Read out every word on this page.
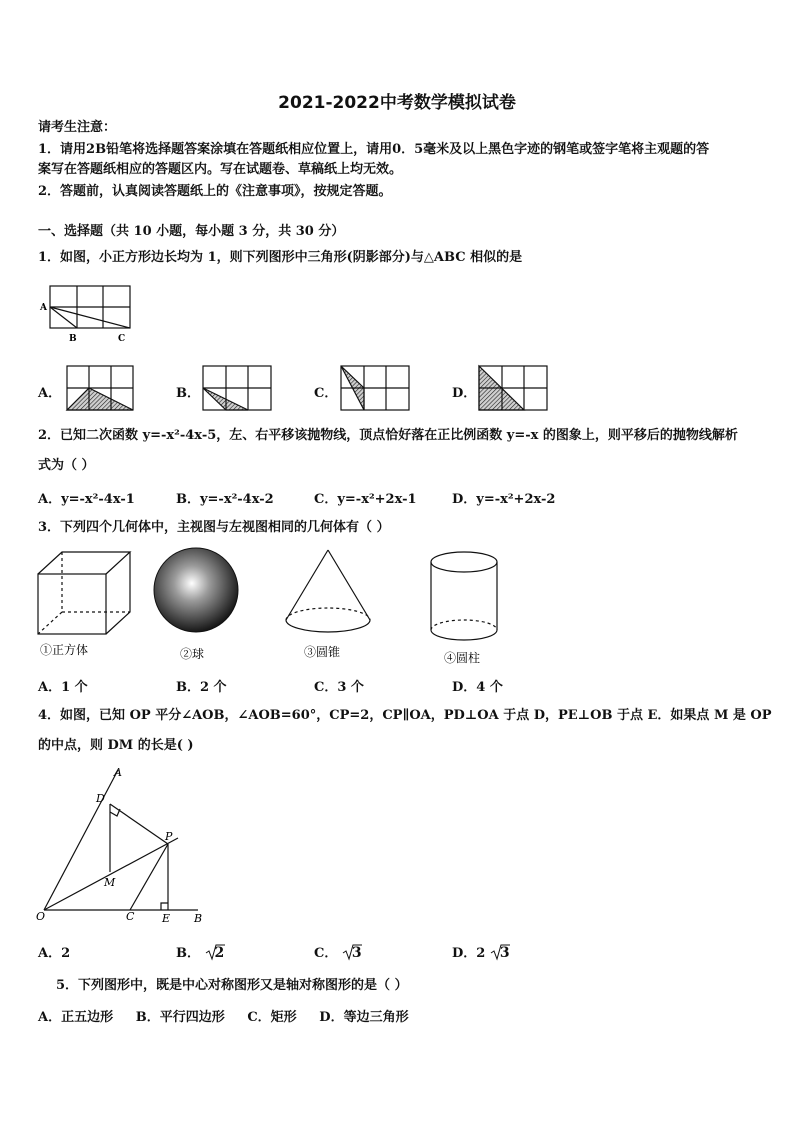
2021-2022中考数学模拟试卷
请考生注意：
1．请用2B铅笔将选择题答案涂填在答题纸相应位置上，请用0．5毫米及以上黑色字迹的钢笔或签字笔将主观题的答
案写在答题纸相应的答题区内。写在试题卷、草稿纸上均无效。
2．答题前，认真阅读答题纸上的《注意事项》，按规定答题。
一、选择题（共 10 小题，每小题 3 分，共 30 分）
1．如图，小正方形边长均为 1，则下列图形中三角形(阴影部分)与△ABC 相似的是
A
B	C
A．	B．	C．	D．
2．已知二次函数 y=-x²-4x-5，左、右平移该抛物线，顶点恰好落在正比例函数 y=-x 的图象上，则平移后的抛物线解析
式为（ ）
A．y=-x²-4x-1	B．y=-x²-4x-2	C．y=-x²+2x-1	D．y=-x²+2x-2
3．下列四个几何体中，主视图与左视图相同的几何体有（ ）
①正方体	②球	③圆锥	④圆柱
A．1 个	B．2 个	C．3 个	D．4 个
4．如图，已知 OP 平分∠AOB，∠AOB=60°，CP=2，CP∥OA，PD⊥OA 于点 D，PE⊥OB 于点 E．如果点 M 是 OP
的中点，则 DM 的长是( )
A
D
P
M
O	C	E B
A．2	B． 2	C． 3	D．2 3
5．下列图形中，既是中心对称图形又是轴对称图形的是（ ）
A．正五边形     B．平行四边形     C．矩形     D．等边三角形
